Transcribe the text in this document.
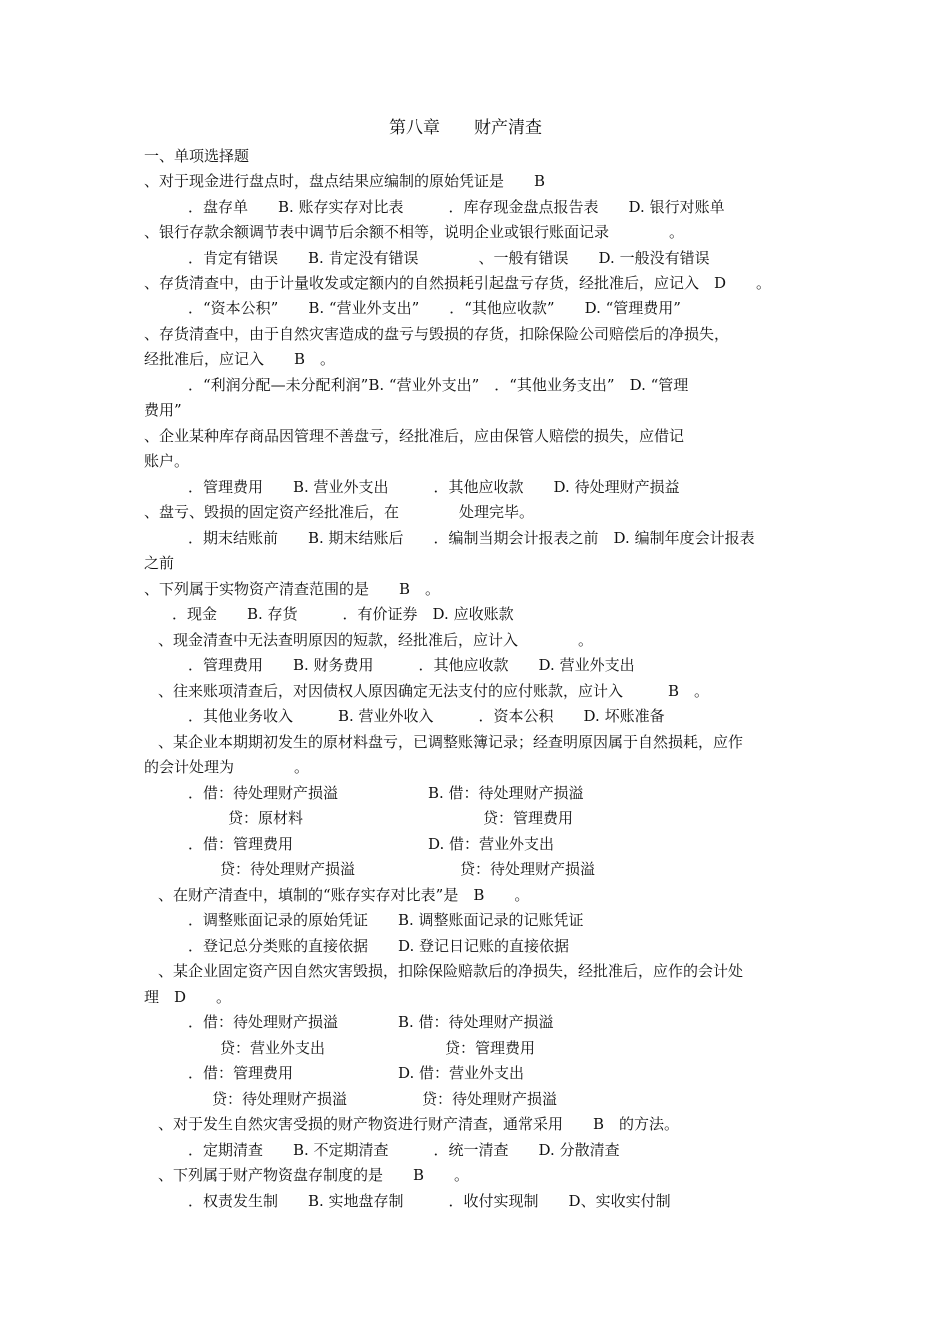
第八章　　财产清查
一、单项选择题
、对于现金进行盘点时，盘点结果应编制的原始凭证是　　B
．盘存单　　B. 账存实存对比表　　　．库存现金盘点报告表　　D. 银行对账单
、银行存款余额调节表中调节后余额不相等，说明企业或银行账面记录　　　　。
．肯定有错误　　B. 肯定没有错误　　　　、一般有错误　　D. 一般没有错误
、存货清查中，由于计量收发或定额内的自然损耗引起盘亏存货，经批准后，应记入　D　　。
．“资本公积”　　B. “营业外支出”　　．“其他应收款”　　D. “管理费用”
、存货清查中，由于自然灾害造成的盘亏与毁损的存货，扣除保险公司赔偿后的净损失，
经批准后，应记入　　B　。
．“利润分配—未分配利润”B. “营业外支出”　．“其他业务支出”　D. “管理
费用”
、企业某种库存商品因管理不善盘亏，经批准后，应由保管人赔偿的损失，应借记
账户。
．管理费用　　B. 营业外支出　　　．其他应收款　　D. 待处理财产损益
、盘亏、毁损的固定资产经批准后，在　　　　处理完毕。
．期末结账前　　B. 期末结账后　　．编制当期会计报表之前　D. 编制年度会计报表
之前
、下列属于实物资产清查范围的是　　B　。
．现金　　B. 存货　　　．有价证券　D. 应收账款
、现金清查中无法查明原因的短款，经批准后，应计入　　　　。
．管理费用　　B. 财务费用　　　．其他应收款　　D. 营业外支出
、往来账项清查后，对因债权人原因确定无法支付的应付账款，应计入　　　B　。
．其他业务收入　　　B. 营业外收入　　　．资本公积　　D. 坏账准备
、某企业本期期初发生的原材料盘亏，已调整账簿记录；经查明原因属于自然损耗，应作
的会计处理为　　　　。
．借：待处理财产损溢　　　　　　B. 借：待处理财产损溢
贷：原材料　　　　　　　　　　　　贷：管理费用
．借：管理费用　　　　　　　　　D. 借：营业外支出
贷：待处理财产损溢　　　　　　　贷：待处理财产损溢
、在财产清查中，填制的“账存实存对比表”是　B　　。
．调整账面记录的原始凭证　　B. 调整账面记录的记账凭证
．登记总分类账的直接依据　　D. 登记日记账的直接依据
、某企业固定资产因自然灾害毁损，扣除保险赔款后的净损失，经批准后，应作的会计处
理　D　　。
．借：待处理财产损溢　　　　B. 借：待处理财产损溢
贷：营业外支出　　　　　　　　贷：管理费用
．借：管理费用　　　　　　　D. 借：营业外支出
贷：待处理财产损溢　　　　　贷：待处理财产损溢
、对于发生自然灾害受损的财产物资进行财产清查，通常采用　　B　的方法。
．定期清查　　B. 不定期清查　　　．统一清查　　D. 分散清查
、下列属于财产物资盘存制度的是　　B　　。
．权责发生制　　B. 实地盘存制　　　．收付实现制　　D、实收实付制
